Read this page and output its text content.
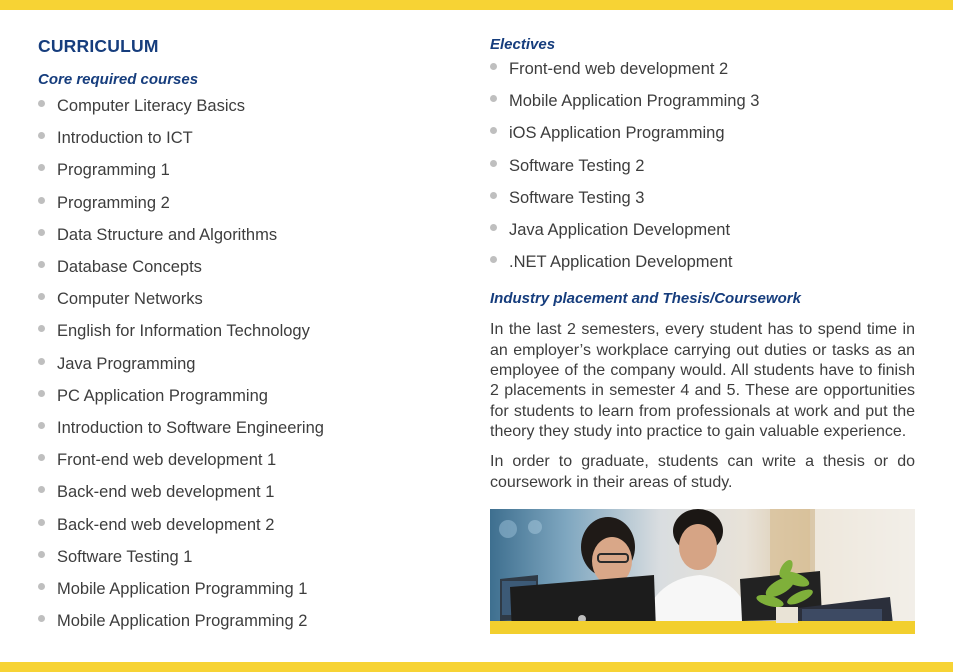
CURRICULUM
Core required courses
Computer Literacy Basics
Introduction to ICT
Programming 1
Programming 2
Data Structure and Algorithms
Database Concepts
Computer Networks
English for Information Technology
Java Programming
PC Application Programming
Introduction to Software Engineering
Front-end web development 1
Back-end web development 1
Back-end web development 2
Software Testing 1
Mobile Application Programming 1
Mobile Application Programming 2
Electives
Front-end web development 2
Mobile Application Programming 3
iOS Application Programming
Software Testing 2
Software Testing 3
Java Application Development
.NET Application Development
Industry placement and Thesis/Coursework

In the last 2 semesters, every student has to spend time in an employer’s workplace carrying out duties or tasks as an employee of the company would. All students have to finish 2 placements in semester 4 and 5. These are opportunities for students to learn from professionals at work and put the theory they study into practice to gain valuable experience.

In order to graduate, students can write a thesis or do coursework in their areas of study.
